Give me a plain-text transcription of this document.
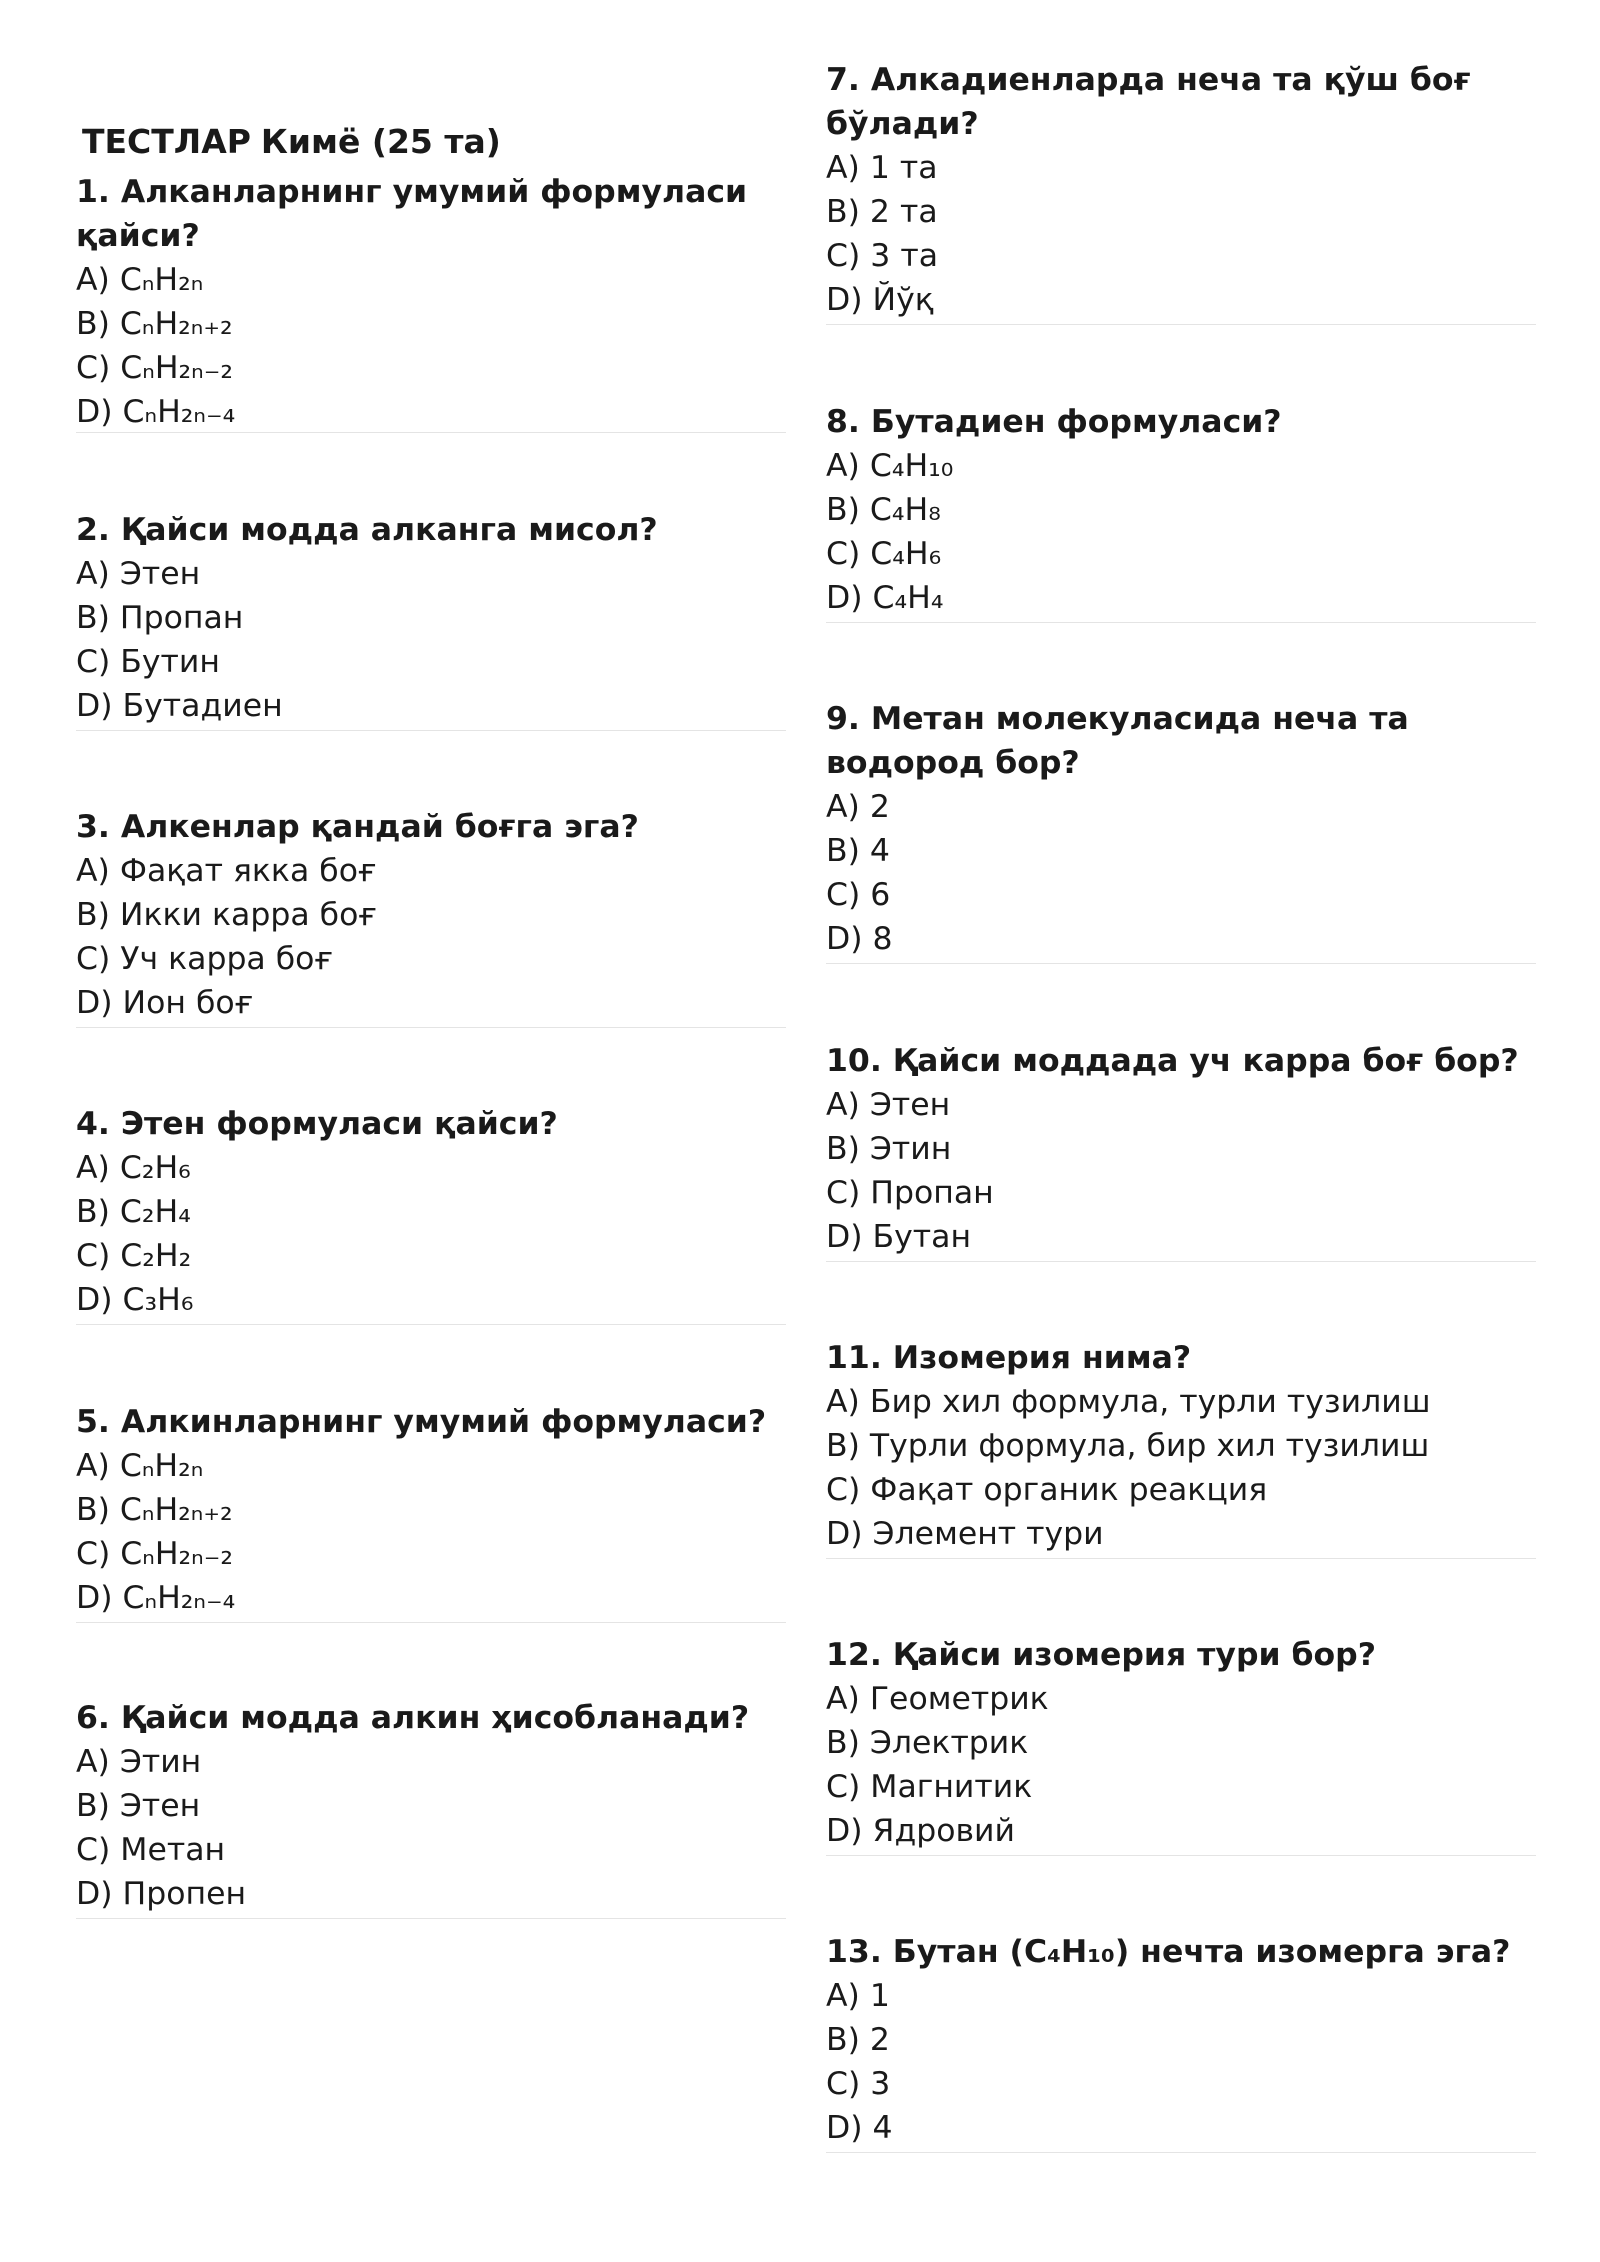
ТЕСТЛАР Кимё (25 та)
1. Алканларнинг умумий формуласи қайси?
A) CₙH₂ₙ
B) CₙH₂ₙ₊₂
C) CₙH₂ₙ₋₂
D) CₙH₂ₙ₋₄
2. Қайси модда алканга мисол?
A) Этен
B) Пропан
C) Бутин
D) Бутадиен
3. Алкенлар қандай боғга эга?
A) Фақат якка боғ
B) Икки карра боғ
C) Уч карра боғ
D) Ион боғ
4. Этен формуласи қайси?
A) C₂H₆
B) C₂H₄
C) C₂H₂
D) C₃H₆
5. Алкинларнинг умумий формуласи?
A) CₙH₂ₙ
B) CₙH₂ₙ₊₂
C) CₙH₂ₙ₋₂
D) CₙH₂ₙ₋₄
6. Қайси модда алкин ҳисобланади?
A) Этин
B) Этен
C) Метан
D) Пропен
7. Алкадиенларда неча та қўш боғ бўлади?
A) 1 та
B) 2 та
C) 3 та
D) Йўқ
8. Бутадиен формуласи?
A) C₄H₁₀
B) C₄H₈
C) C₄H₆
D) C₄H₄
9. Метан молекуласида неча та водород бор?
A) 2
B) 4
C) 6
D) 8
10. Қайси моддада уч карра боғ бор?
A) Этен
B) Этин
C) Пропан
D) Бутан
11. Изомерия нима?
A) Бир хил формула, турли тузилиш
B) Турли формула, бир хил тузилиш
C) Фақат органик реакция
D) Элемент тури
12. Қайси изомерия тури бор?
A) Геометрик
B) Электрик
C) Магнитик
D) Ядровий
13. Бутан (C₄H₁₀) нечта изомерга эга?
A) 1
B) 2
C) 3
D) 4
